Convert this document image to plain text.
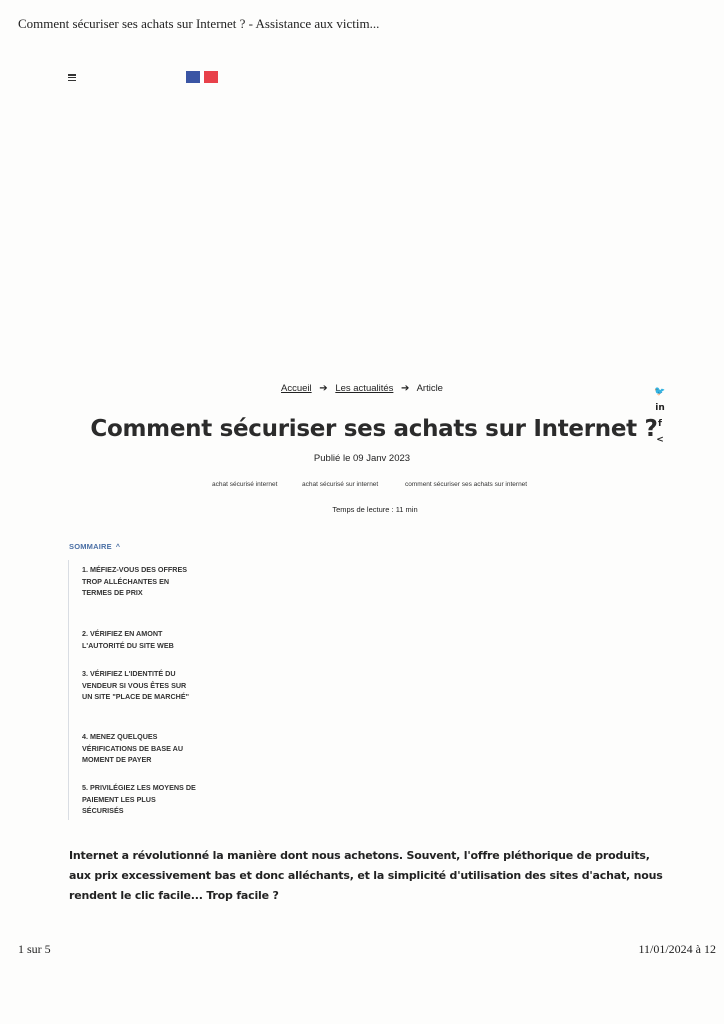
Comment sécuriser ses achats sur Internet ? - Assistance aux victim...
Accueil ➔ Les actualités ➔ Article	🐦
in
f
<
Comment sécuriser ses achats sur Internet ?
Publié le 09 Janv 2023
achat sécurisé internet	achat sécurisé sur internet	comment sécuriser ses achats sur internet
Temps de lecture : 11 min
SOMMAIRE ^
1. MÉFIEZ-VOUS DES OFFRES TROP ALLÉCHANTES EN TERMES DE PRIX
2. VÉRIFIEZ EN AMONT L'AUTORITÉ DU SITE WEB
3. VÉRIFIEZ L'IDENTITÉ DU VENDEUR SI VOUS ÊTES SUR UN SITE "PLACE DE MARCHÉ"
4. MENEZ QUELQUES VÉRIFICATIONS DE BASE AU MOMENT DE PAYER
5. PRIVILÉGIEZ LES MOYENS DE PAIEMENT LES PLUS SÉCURISÉS

Internet a révolutionné la manière dont nous achetons. Souvent, l'offre pléthorique de produits, aux prix excessivement bas et donc alléchants, et la simplicité d'utilisation des sites d'achat, nous rendent le clic facile... Trop facile ?

1 sur 5	11/01/2024 à 12
